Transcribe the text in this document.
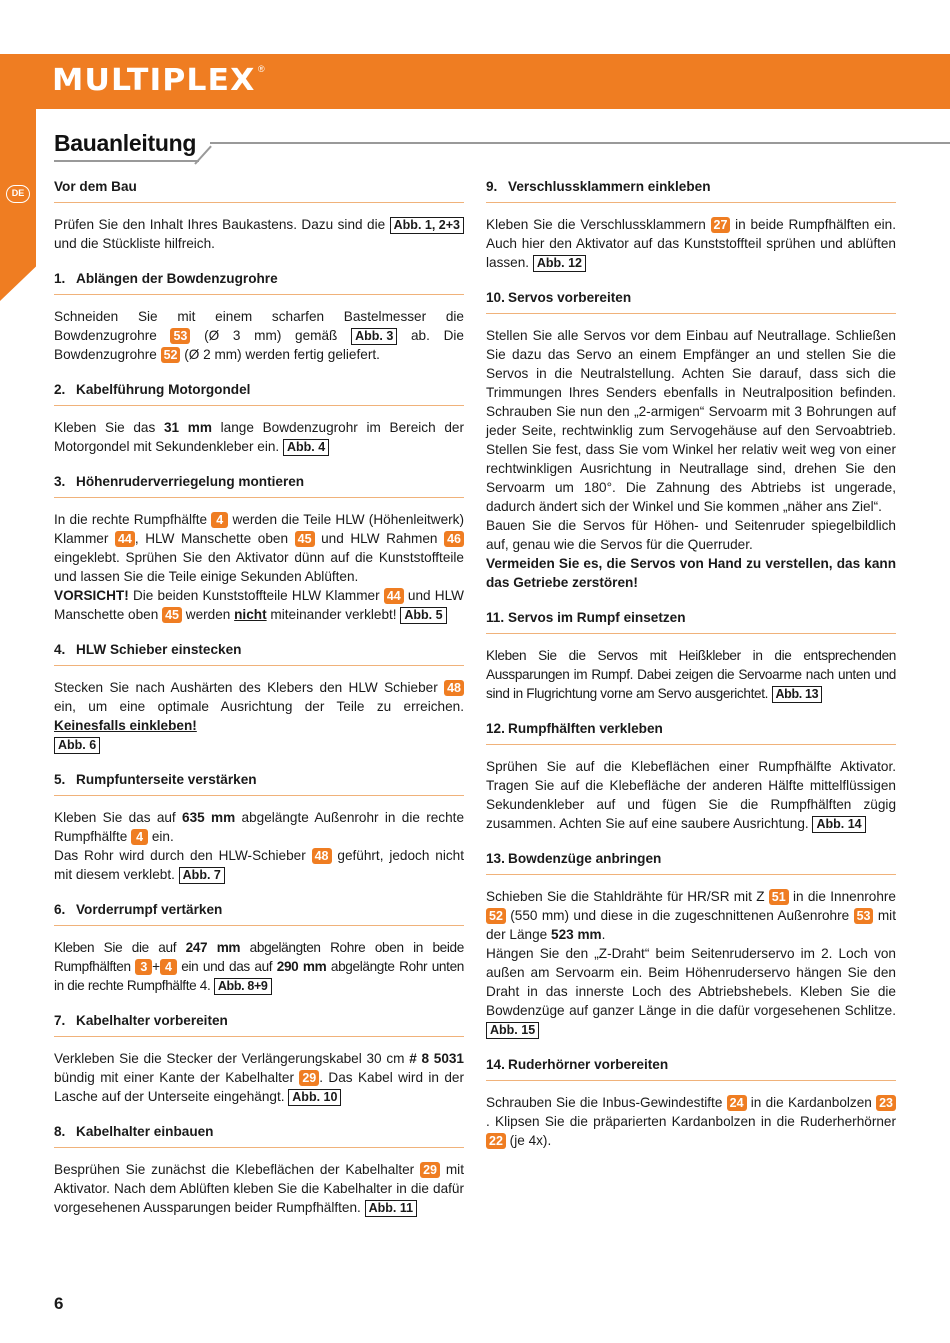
MULTIPLEX ®
DE
Bauanleitung
Vor dem Bau

Prüfen Sie den Inhalt Ihres Baukastens. Dazu sind die Abb. 1, 2+3 und die Stückliste hilfreich.

1. Ablängen der Bowdenzugrohre

Schneiden Sie mit einem scharfen Bastelmesser die Bowdenzugrohre 53 (Ø 3 mm) gemäß Abb. 3 ab. Die Bowdenzugrohre 52 (Ø 2 mm) werden fertig geliefert.

2. Kabelführung Motorgondel

Kleben Sie das 31 mm lange Bowdenzugrohr im Bereich der Motorgondel mit Sekundenkleber ein. Abb. 4

3. Höhenruderverriegelung montieren

In die rechte Rumpfhälfte 4 werden die Teile HLW (Höhenleitwerk) Klammer 44 , HLW Manschette oben 45 und HLW Rahmen 46 eingeklebt. Sprühen Sie den Aktivator dünn auf die Kunststoffteile und lassen Sie die Teile einige Sekunden Ablüften.

VORSICHT! Die beiden Kunststoffteile HLW Klammer 44 und HLW Manschette oben 45 werden nicht miteinander verklebt! Abb. 5

4. HLW Schieber einstecken

Stecken Sie nach Aushärten des Klebers den HLW Schieber 48 ein, um eine optimale Ausrichtung der Teile zu erreichen. Keinesfalls einkleben!
Abb. 6

5. Rumpfunterseite verstärken

Kleben Sie das auf 635 mm abgelängte Außenrohr in die rechte Rumpfhälfte 4 ein.

Das Rohr wird durch den HLW-Schieber 48 geführt, jedoch nicht mit diesem verklebt. Abb. 7

6. Vorderrumpf vertärken

Kleben Sie die auf 247 mm abgelängten Rohre oben in beide Rumpfhälften 3 + 4 ein und das auf 290 mm abgelängte Rohr unten in die rechte Rumpfhälfte 4. Abb. 8+9

7. Kabelhalter vorbereiten

Verkleben Sie die Stecker der Verlängerungskabel 30 cm # 8 5031 bündig mit einer Kante der Kabelhalter 29 . Das Kabel wird in der Lasche auf der Unterseite eingehängt. Abb. 10

8. Kabelhalter einbauen

Besprühen Sie zunächst die Klebeflächen der Kabelhalter 29 mit Aktivator. Nach dem Ablüften kleben Sie die Kabelhalter in die dafür vorgesehenen Aussparungen beider Rumpfhälften. Abb. 11

9. Verschlussklammern einkleben

Kleben Sie die Verschlussklammern 27 in beide Rumpfhälften ein. Auch hier den Aktivator auf das Kunststoffteil sprühen und ablüften lassen. Abb. 12

10. Servos vorbereiten

Stellen Sie alle Servos vor dem Einbau auf Neutrallage. Schließen Sie dazu das Servo an einem Empfänger an und stellen Sie die Servos in die Neutralstellung. Achten Sie darauf, dass sich die Trimmungen Ihres Senders ebenfalls in Neutralposition befinden. Schrauben Sie nun den „2-armigen“ Servoarm mit 3 Bohrungen auf jeder Seite, rechtwinklig zum Servogehäuse auf den Servoabtrieb. Stellen Sie fest, dass Sie vom Winkel her relativ weit weg von einer rechtwinkligen Ausrichtung in Neutrallage sind, drehen Sie den Servoarm um 180°. Die Zahnung des Abtriebs ist ungerade, dadurch ändert sich der Winkel und Sie kommen „näher ans Ziel“.

Bauen Sie die Servos für Höhen- und Seitenruder spiegelbildlich auf, genau wie die Servos für die Querruder.

Vermeiden Sie es, die Servos von Hand zu verstellen, das kann das Getriebe zerstören!

11. Servos im Rumpf einsetzen

Kleben Sie die Servos mit Heißkleber in die entsprechenden Aussparungen im Rumpf. Dabei zeigen die Servoarme nach unten und sind in Flugrichtung vorne am Servo ausgerichtet. Abb. 13

12. Rumpfhälften verkleben

Sprühen Sie auf die Klebeflächen einer Rumpfhälfte Aktivator. Tragen Sie auf die Klebefläche der anderen Hälfte mittelflüssigen Sekundenkleber auf und fügen Sie die Rumpfhälften zügig zusammen. Achten Sie auf eine saubere Ausrichtung. Abb. 14

13. Bowdenzüge anbringen

Schieben Sie die Stahldrähte für HR/SR mit Z 51 in die Innenrohre 52 (550 mm) und diese in die zugeschnittenen Außenrohre 53 mit der Länge 523 mm.

Hängen Sie den „Z-Draht“ beim Seitenruderservo im 2. Loch von außen am Servoarm ein. Beim Höhenruderservo hängen Sie den Draht in das innerste Loch des Abtriebshebels. Kleben Sie die Bowdenzüge auf ganzer Länge in die dafür vorgesehenen Schlitze. Abb. 15

14. Ruderhörner vorbereiten

Schrauben Sie die Inbus-Gewindestifte 24 in die Kardanbolzen 23. Klipsen Sie die präparierten Kardanbolzen in die Ruderherhörner 22 (je 4x).

6
